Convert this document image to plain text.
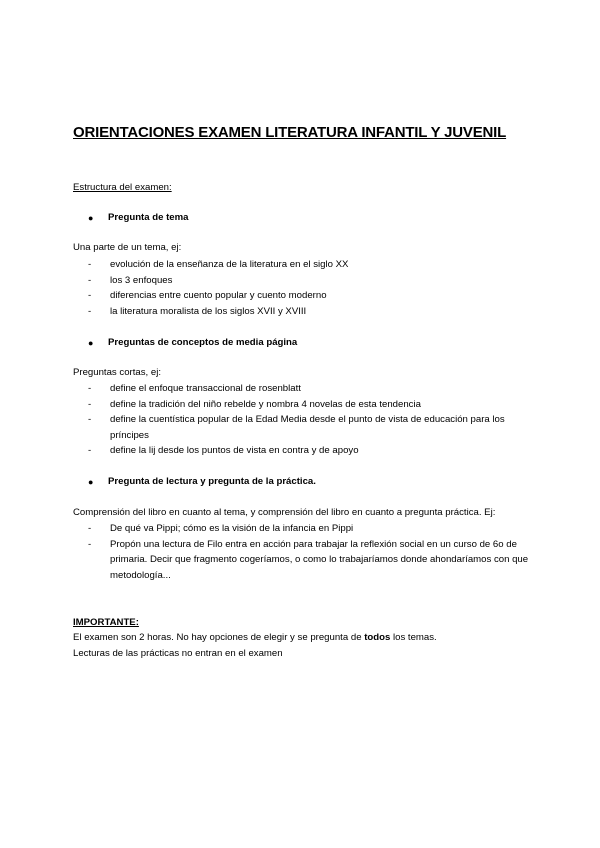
ORIENTACIONES EXAMEN LITERATURA INFANTIL Y JUVENIL
Estructura del examen:
●	Pregunta de tema
Una parte de un tema, ej:
-	evolución de la enseñanza de la literatura en el siglo XX
-	los 3 enfoques
-	diferencias entre cuento popular y cuento moderno
-	la literatura moralista de los siglos XVII y XVIII
●	Preguntas de conceptos de media página
Preguntas cortas, ej:
-	define el enfoque transaccional de rosenblatt
-	define la tradición del niño rebelde y nombra 4 novelas de esta tendencia
-	define la cuentística popular de la Edad Media desde el punto de vista de educación para los príncipes
-	define la lij desde los puntos de vista en contra y de apoyo
●	Pregunta de lectura y pregunta de la práctica.
Comprensión del libro en cuanto al tema, y comprensión del libro en cuanto a pregunta práctica. Ej:
-	De qué va Pippi; cómo es la visión de la infancia en Pippi
-	Propón una lectura de Filo entra en acción para trabajar la reflexión social en un curso de 6o de primaria. Decir que fragmento cogeríamos, o como lo trabajaríamos donde ahondaríamos con que metodología...
IMPORTANTE:
El examen son 2 horas. No hay opciones de elegir y se pregunta de todos los temas.
Lecturas de las prácticas no entran en el examen
